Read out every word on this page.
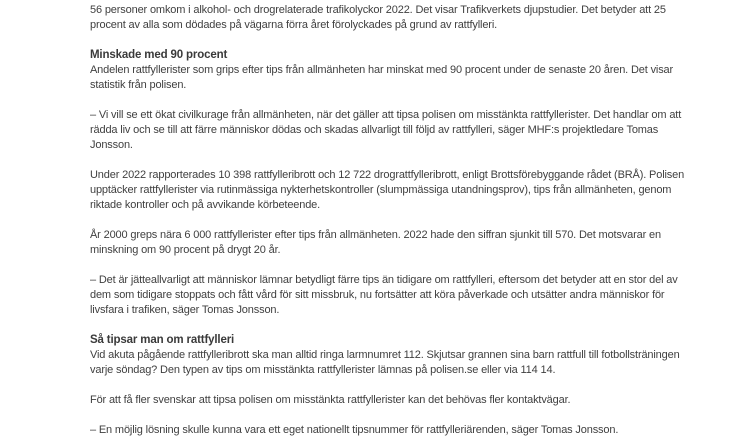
56 personer omkom i alkohol- och drogrelaterade trafikolyckor 2022. Det visar Trafikverkets djupstudier. Det betyder att 25 procent av alla som dödades på vägarna förra året förolyckades på grund av rattfylleri.

Minskade med 90 procent

Andelen rattfyllerister som grips efter tips från allmänheten har minskat med 90 procent under de senaste 20 åren. Det visar statistik från polisen.

– Vi vill se ett ökat civilkurage från allmänheten, när det gäller att tipsa polisen om misstänkta rattfyllerister. Det handlar om att rädda liv och se till att färre människor dödas och skadas allvarligt till följd av rattfylleri, säger MHF:s projektledare Tomas Jonsson.

Under 2022 rapporterades 10 398 rattfylleribrott och 12 722 drograttfylleribrott, enligt Brottsförebyggande rådet (BRÅ). Polisen upptäcker rattfyllerister via rutinmässiga nykterhetskontroller (slumpmässiga utandningsprov), tips från allmänheten, genom riktade kontroller och på avvikande körbeteende.

År 2000 greps nära 6 000 rattfyllerister efter tips från allmänheten. 2022 hade den siffran sjunkit till 570. Det motsvarar en minskning om 90 procent på drygt 20 år.

– Det är jätteallvarligt att människor lämnar betydligt färre tips än tidigare om rattfylleri, eftersom det betyder att en stor del av dem som tidigare stoppats och fått vård för sitt missbruk, nu fortsätter att köra påverkade och utsätter andra människor för livsfara i trafiken, säger Tomas Jonsson.

Så tipsar man om rattfylleri

Vid akuta pågående rattfylleribrott ska man alltid ringa larmnumret 112. Skjutsar grannen sina barn rattfull till fotbollsträningen varje söndag? Den typen av tips om misstänkta rattfyllerister lämnas på polisen.se eller via 114 14.

För att få fler svenskar att tipsa polisen om misstänkta rattfyllerister kan det behövas fler kontaktvägar.

– En möjlig lösning skulle kunna vara ett eget nationellt tipsnummer för rattfylleriärenden, säger Tomas Jonsson.
